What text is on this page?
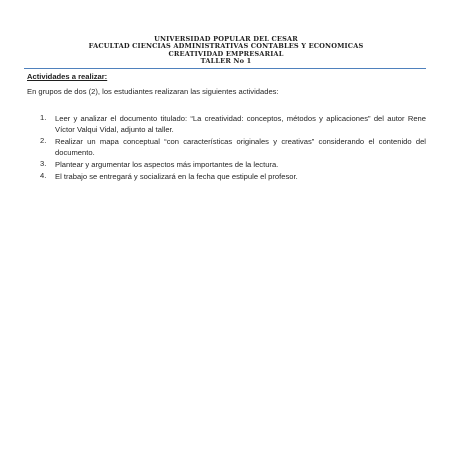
UNIVERSIDAD POPULAR DEL CESAR
FACULTAD CIENCIAS ADMINISTRATIVAS CONTABLES Y ECONOMICAS
CREATIVIDAD EMPRESARIAL
TALLER No 1
Actividades a realizar:
En grupos de dos (2), los estudiantes realizaran las siguientes actividades:
1. Leer y analizar el documento titulado: “La creatividad: conceptos, métodos y aplicaciones” del autor Rene Víctor Valqui Vidal, adjunto al taller.
2. Realizar un mapa conceptual “con características originales y creativas” considerando el contenido del documento.
3. Plantear y argumentar los aspectos más importantes de la lectura.
4. El trabajo se entregará y socializará en la fecha que estipule el profesor.
